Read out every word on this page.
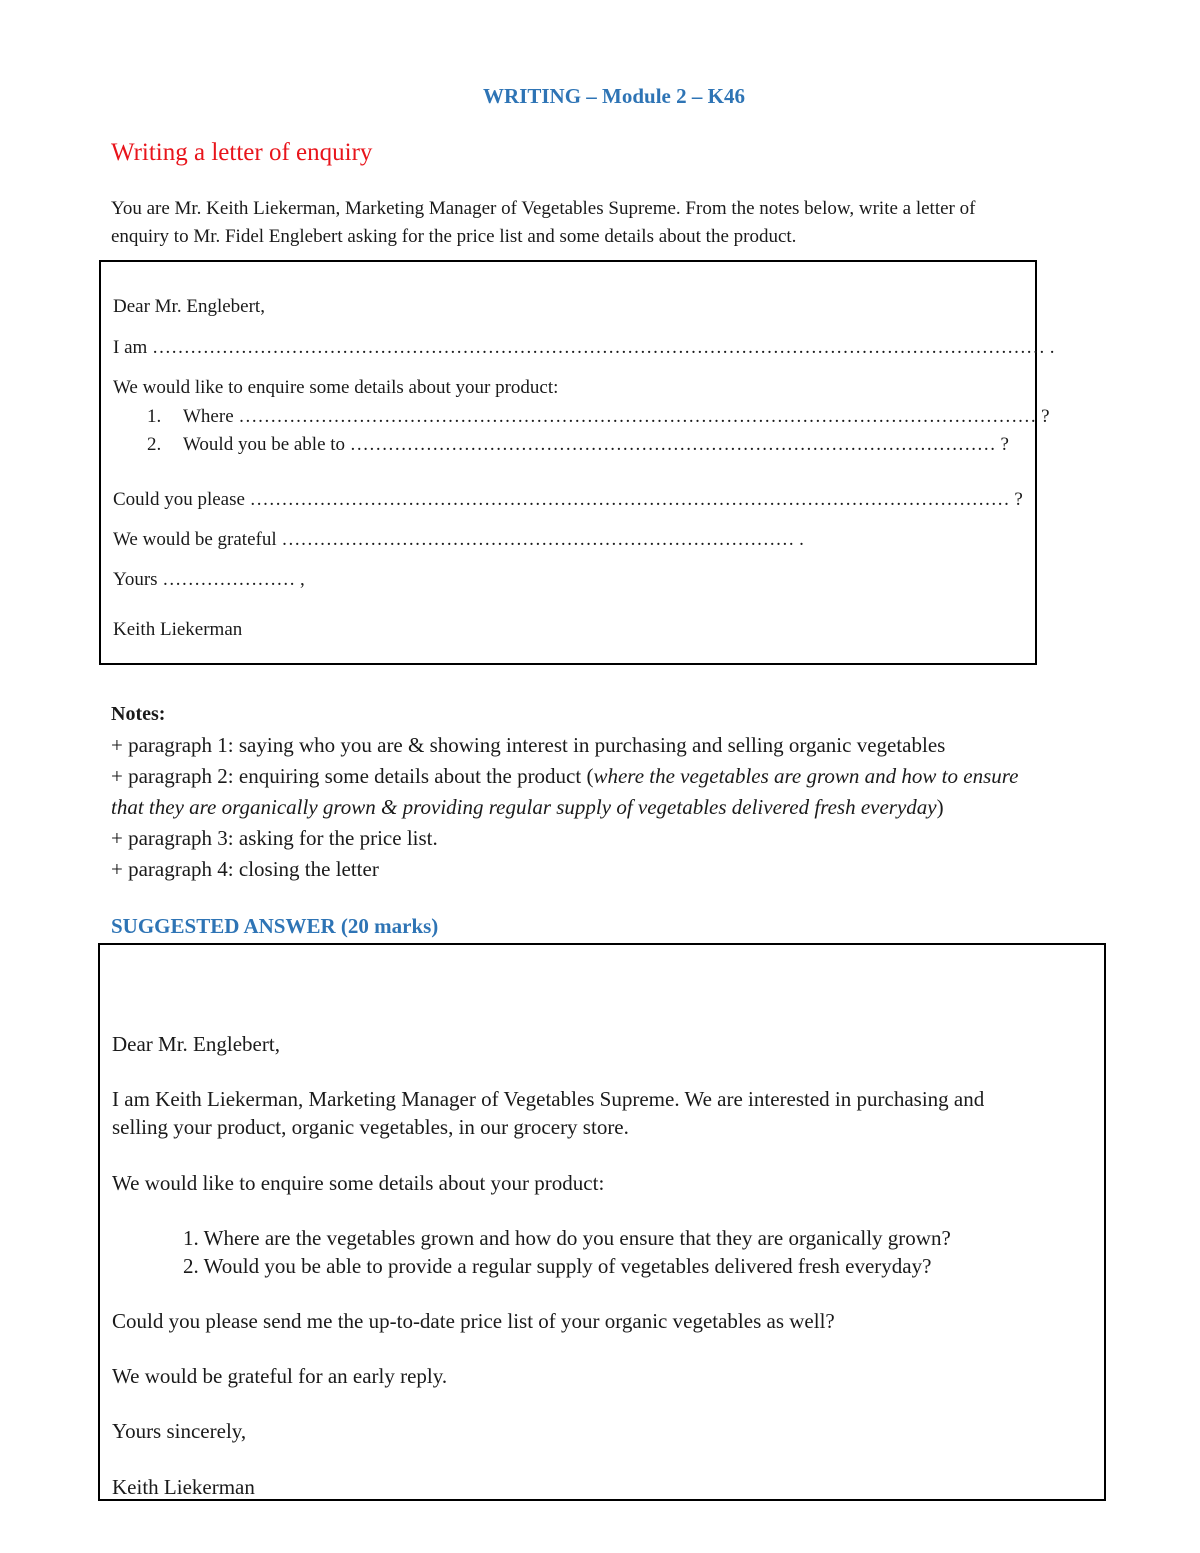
WRITING – Module 2 – K46
Writing a letter of enquiry
You are Mr. Keith Liekerman, Marketing Manager of Vegetables Supreme. From the notes below, write a letter of
enquiry to Mr. Fidel Englebert asking for the price list and some details about the product.
Dear Mr. Englebert,
I am …………………………………………………………………………………………………………………………… .
We would like to enquire some details about your product:
1. Where ……………………………………………………………………………………………………………… ?
2. Would you be able to ………………………………………………………………………………………… ?
Could you please ………………………………………………………………………………………………………… ?
We would be grateful ……………………………………………………………………… .
Yours ………………… ,
Keith Liekerman
Notes:
+ paragraph 1: saying who you are & showing interest in purchasing and selling organic vegetables
+ paragraph 2: enquiring some details about the product (where the vegetables are grown and how to ensure
that they are organically grown & providing regular supply of vegetables delivered fresh everyday)
+ paragraph 3: asking for the price list.
+ paragraph 4: closing the letter
SUGGESTED ANSWER (20 marks)
Dear Mr. Englebert,
I am Keith Liekerman, Marketing Manager of Vegetables Supreme. We are interested in purchasing and
selling your product, organic vegetables, in our grocery store.
We would like to enquire some details about your product:
1. Where are the vegetables grown and how do you ensure that they are organically grown?
2. Would you be able to provide a regular supply of vegetables delivered fresh everyday?
Could you please send me the up-to-date price list of your organic vegetables as well?
We would be grateful for an early reply.
Yours sincerely,
Keith Liekerman
